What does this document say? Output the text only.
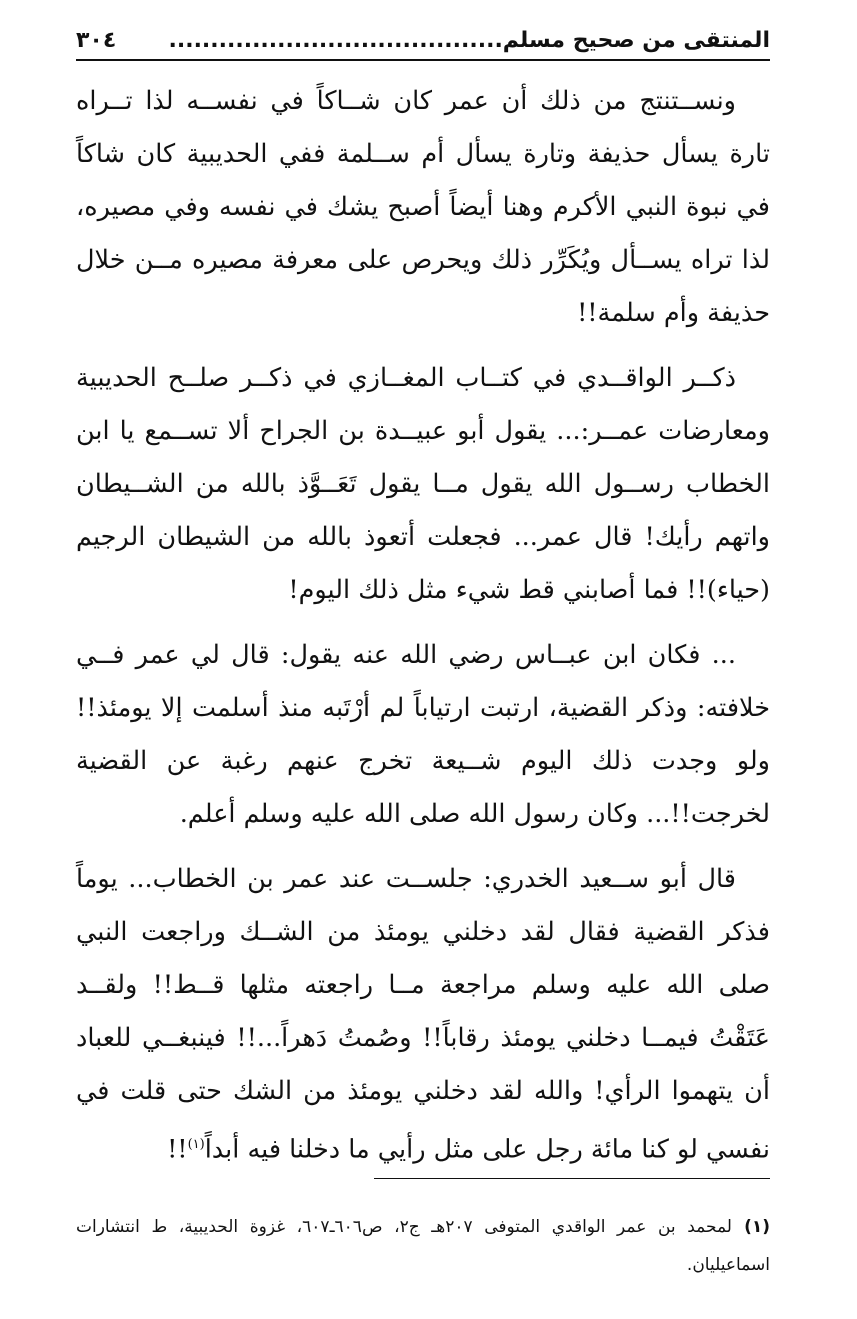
المنتقى من صحيح مسلم........................................
٣٠٤

ونســتنتج من ذلك أن عمر كان شــاكاً في نفســه لذا تــراه تارة يسأل حذيفة وتارة يسأل أم ســلمة ففي الحديبية كان شاكاً في نبوة النبي الأكرم وهنا أيضاً أصبح يشك في نفسه وفي مصيره، لذا تراه يســأل ويُكَرِّر ذلك ويحرص على معرفة مصيره مــن خلال حذيفة وأم سلمة!!

ذكــر الواقــدي في كتــاب المغــازي في ذكــر صلــح الحديبية ومعارضات عمــر:... يقول أبو عبيــدة بن الجراح ألا تســمع يا ابن الخطاب رســول الله يقول مــا يقول تَعَــوَّذ بالله من الشــيطان واتهم رأيك! قال عمر... فجعلت أتعوذ بالله من الشيطان الرجيم (حياء)!! فما أصابني قط شيء مثل ذلك اليوم!

... فكان ابن عبــاس رضي الله عنه يقول: قال لي عمر فــي خلافته: وذكر القضية، ارتبت ارتياباً لم أرْتَبه منذ أسلمت إلا يومئذ!! ولو وجدت ذلك اليوم شــيعة تخرج عنهم رغبة عن القضية لخرجت!!... وكان رسول الله صلى الله عليه وسلم أعلم.

قال أبو ســعيد الخدري: جلســت عند عمر بن الخطاب... يوماً فذكر القضية فقال لقد دخلني يومئذ من الشــك وراجعت النبي صلى الله عليه وسلم مراجعة مــا راجعته مثلها قــط!! ولقــد عَتَقْتُ فيمــا دخلني يومئذ رقاباً!! وصُمتُ دَهراً...!! فينبغــي للعباد أن يتهموا الرأي! والله لقد دخلني يومئذ من الشك حتى قلت في نفسي لو كنا مائة رجل على مثل رأيي ما دخلنا فيه أبداً$^{(١)}$!!

(١) لمحمد بن عمر الواقدي المتوفى ٢٠٧هـ ج٢، ص٦٠٦ـ٦٠٧، غزوة الحديبية، ط انتشارات اسماعيليان.
